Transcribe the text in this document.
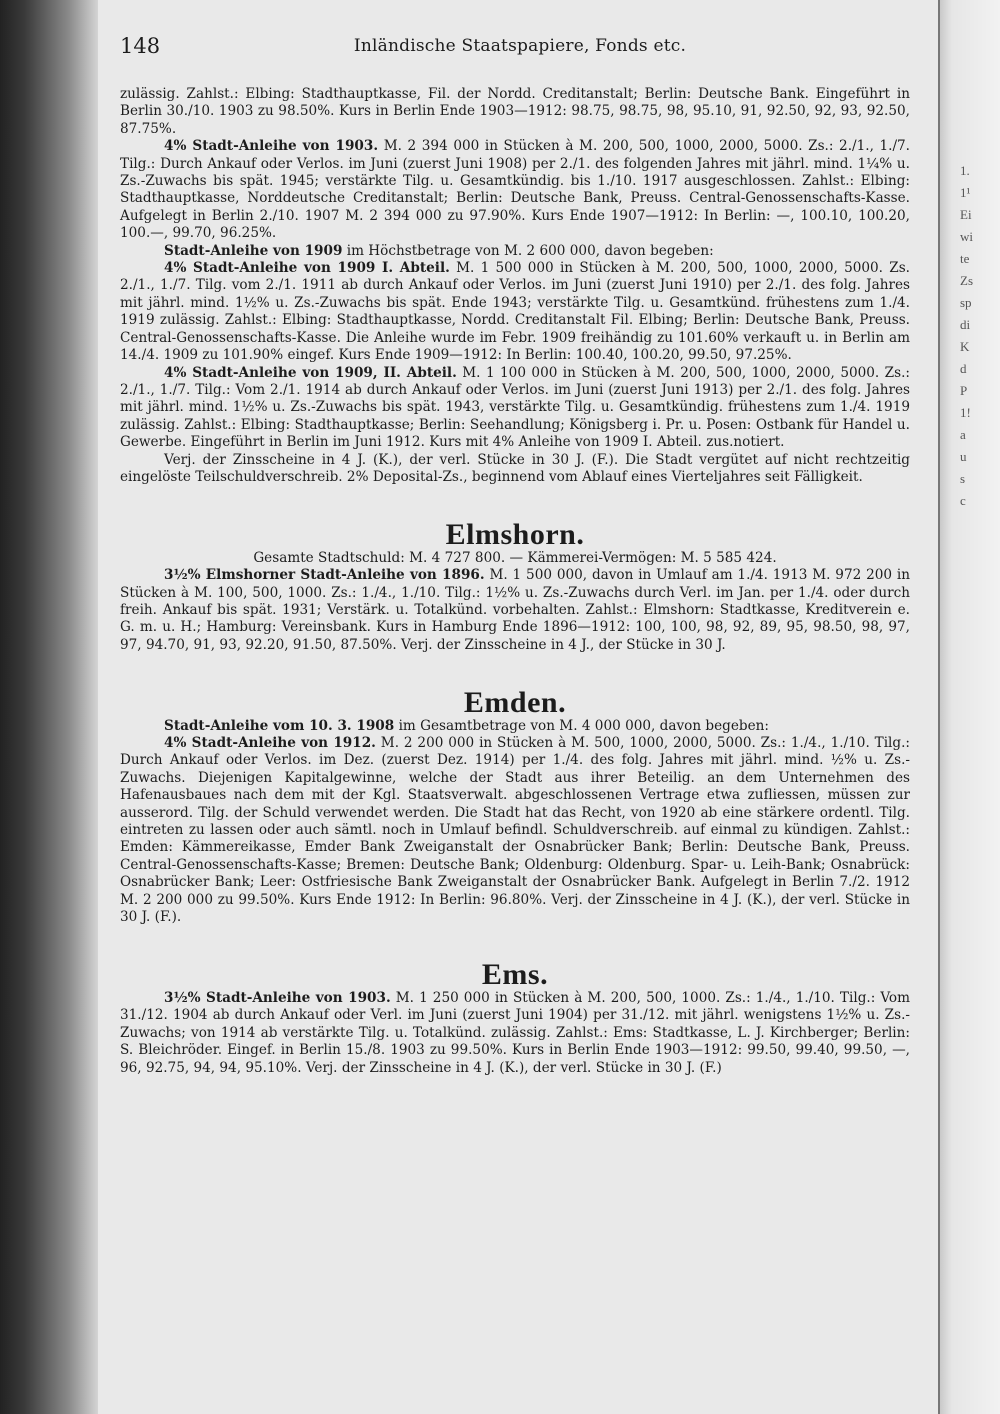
148	Inländische Staatspapiere, Fonds etc.

zulässig. Zahlst.: Elbing: Stadthauptkasse, Fil. der Nordd. Creditanstalt; Berlin: Deutsche Bank. Eingeführt in Berlin 30./10. 1903 zu 98.50%. Kurs in Berlin Ende 1903—1912: 98.75, 98.75, 98, 95.10, 91, 92.50, 92, 93, 92.50, 87.75%.

4% Stadt-Anleihe von 1903. M. 2 394 000 in Stücken à M. 200, 500, 1000, 2000, 5000. Zs.: 2./1., 1./7. Tilg.: Durch Ankauf oder Verlos. im Juni (zuerst Juni 1908) per 2./1. des folgenden Jahres mit jährl. mind. 1¼% u. Zs.-Zuwachs bis spät. 1945; verstärkte Tilg. u. Gesamtkündig. bis 1./10. 1917 ausgeschlossen. Zahlst.: Elbing: Stadthauptkasse, Norddeutsche Creditanstalt; Berlin: Deutsche Bank, Preuss. Central-Genossenschafts-Kasse. Aufgelegt in Berlin 2./10. 1907 M. 2 394 000 zu 97.90%. Kurs Ende 1907—1912: In Berlin: —, 100.10, 100.20, 100.—, 99.70, 96.25%.

Stadt-Anleihe von 1909 im Höchstbetrage von M. 2 600 000, davon begeben:

4% Stadt-Anleihe von 1909 I. Abteil. M. 1 500 000 in Stücken à M. 200, 500, 1000, 2000, 5000. Zs. 2./1., 1./7. Tilg. vom 2./1. 1911 ab durch Ankauf oder Verlos. im Juni (zuerst Juni 1910) per 2./1. des folg. Jahres mit jährl. mind. 1½% u. Zs.-Zuwachs bis spät. Ende 1943; verstärkte Tilg. u. Gesamtkünd. frühestens zum 1./4. 1919 zulässig. Zahlst.: Elbing: Stadthauptkasse, Nordd. Creditanstalt Fil. Elbing; Berlin: Deutsche Bank, Preuss. Central-Genossenschafts-Kasse. Die Anleihe wurde im Febr. 1909 freihändig zu 101.60% verkauft u. in Berlin am 14./4. 1909 zu 101.90% eingef. Kurs Ende 1909—1912: In Berlin: 100.40, 100.20, 99.50, 97.25%.

4% Stadt-Anleihe von 1909, II. Abteil. M. 1 100 000 in Stücken à M. 200, 500, 1000, 2000, 5000. Zs.: 2./1., 1./7. Tilg.: Vom 2./1. 1914 ab durch Ankauf oder Verlos. im Juni (zuerst Juni 1913) per 2./1. des folg. Jahres mit jährl. mind. 1½% u. Zs.-Zuwachs bis spät. 1943, verstärkte Tilg. u. Gesamtkündig. frühestens zum 1./4. 1919 zulässig. Zahlst.: Elbing: Stadthauptkasse; Berlin: Seehandlung; Königsberg i. Pr. u. Posen: Ostbank für Handel u. Gewerbe. Eingeführt in Berlin im Juni 1912. Kurs mit 4% Anleihe von 1909 I. Abteil. zus.notiert.

Verj. der Zinsscheine in 4 J. (K.), der verl. Stücke in 30 J. (F.). Die Stadt vergütet auf nicht rechtzeitig eingelöste Teilschuldverschreib. 2% Deposital-Zs., beginnend vom Ablauf eines Vierteljahres seit Fälligkeit.

Elmshorn.

Gesamte Stadtschuld: M. 4 727 800. — Kämmerei-Vermögen: M. 5 585 424.

3½% Elmshorner Stadt-Anleihe von 1896. M. 1 500 000, davon in Umlauf am 1./4. 1913 M. 972 200 in Stücken à M. 100, 500, 1000. Zs.: 1./4., 1./10. Tilg.: 1½% u. Zs.-Zuwachs durch Verl. im Jan. per 1./4. oder durch freih. Ankauf bis spät. 1931; Verstärk. u. Totalkünd. vorbehalten. Zahlst.: Elmshorn: Stadtkasse, Kreditverein e. G. m. u. H.; Hamburg: Vereinsbank. Kurs in Hamburg Ende 1896—1912: 100, 100, 98, 92, 89, 95, 98.50, 98, 97, 97, 94.70, 91, 93, 92.20, 91.50, 87.50%. Verj. der Zinsscheine in 4 J., der Stücke in 30 J.

Emden.

Stadt-Anleihe vom 10. 3. 1908 im Gesamtbetrage von M. 4 000 000, davon begeben:

4% Stadt-Anleihe von 1912. M. 2 200 000 in Stücken à M. 500, 1000, 2000, 5000. Zs.: 1./4., 1./10. Tilg.: Durch Ankauf oder Verlos. im Dez. (zuerst Dez. 1914) per 1./4. des folg. Jahres mit jährl. mind. ½% u. Zs.-Zuwachs. Diejenigen Kapitalgewinne, welche der Stadt aus ihrer Beteilig. an dem Unternehmen des Hafenausbaues nach dem mit der Kgl. Staatsverwalt. abgeschlossenen Vertrage etwa zufliessen, müssen zur ausserord. Tilg. der Schuld verwendet werden. Die Stadt hat das Recht, von 1920 ab eine stärkere ordentl. Tilg. eintreten zu lassen oder auch sämtl. noch in Umlauf befindl. Schuldverschreib. auf einmal zu kündigen. Zahlst.: Emden: Kämmereikasse, Emder Bank Zweiganstalt der Osnabrücker Bank; Berlin: Deutsche Bank, Preuss. Central-Genossenschafts-Kasse; Bremen: Deutsche Bank; Oldenburg: Oldenburg. Spar- u. Leih-Bank; Osnabrück: Osnabrücker Bank; Leer: Ostfriesische Bank Zweiganstalt der Osnabrücker Bank. Aufgelegt in Berlin 7./2. 1912 M. 2 200 000 zu 99.50%. Kurs Ende 1912: In Berlin: 96.80%. Verj. der Zinsscheine in 4 J. (K.), der verl. Stücke in 30 J. (F.).

Ems.

3½% Stadt-Anleihe von 1903. M. 1 250 000 in Stücken à M. 200, 500, 1000. Zs.: 1./4., 1./10. Tilg.: Vom 31./12. 1904 ab durch Ankauf oder Verl. im Juni (zuerst Juni 1904) per 31./12. mit jährl. wenigstens 1½% u. Zs.-Zuwachs; von 1914 ab verstärkte Tilg. u. Totalkünd. zulässig. Zahlst.: Ems: Stadtkasse, L. J. Kirchberger; Berlin: S. Bleichröder. Eingef. in Berlin 15./8. 1903 zu 99.50%. Kurs in Berlin Ende 1903—1912: 99.50, 99.40, 99.50, —, 96, 92.75, 94, 94, 95.10%. Verj. der Zinsscheine in 4 J. (K.), der verl. Stücke in 30 J. (F.)

1.
1¹
Ei
wi
te
Zs
sp
di
K
d
P
1!
a
u
s
c
